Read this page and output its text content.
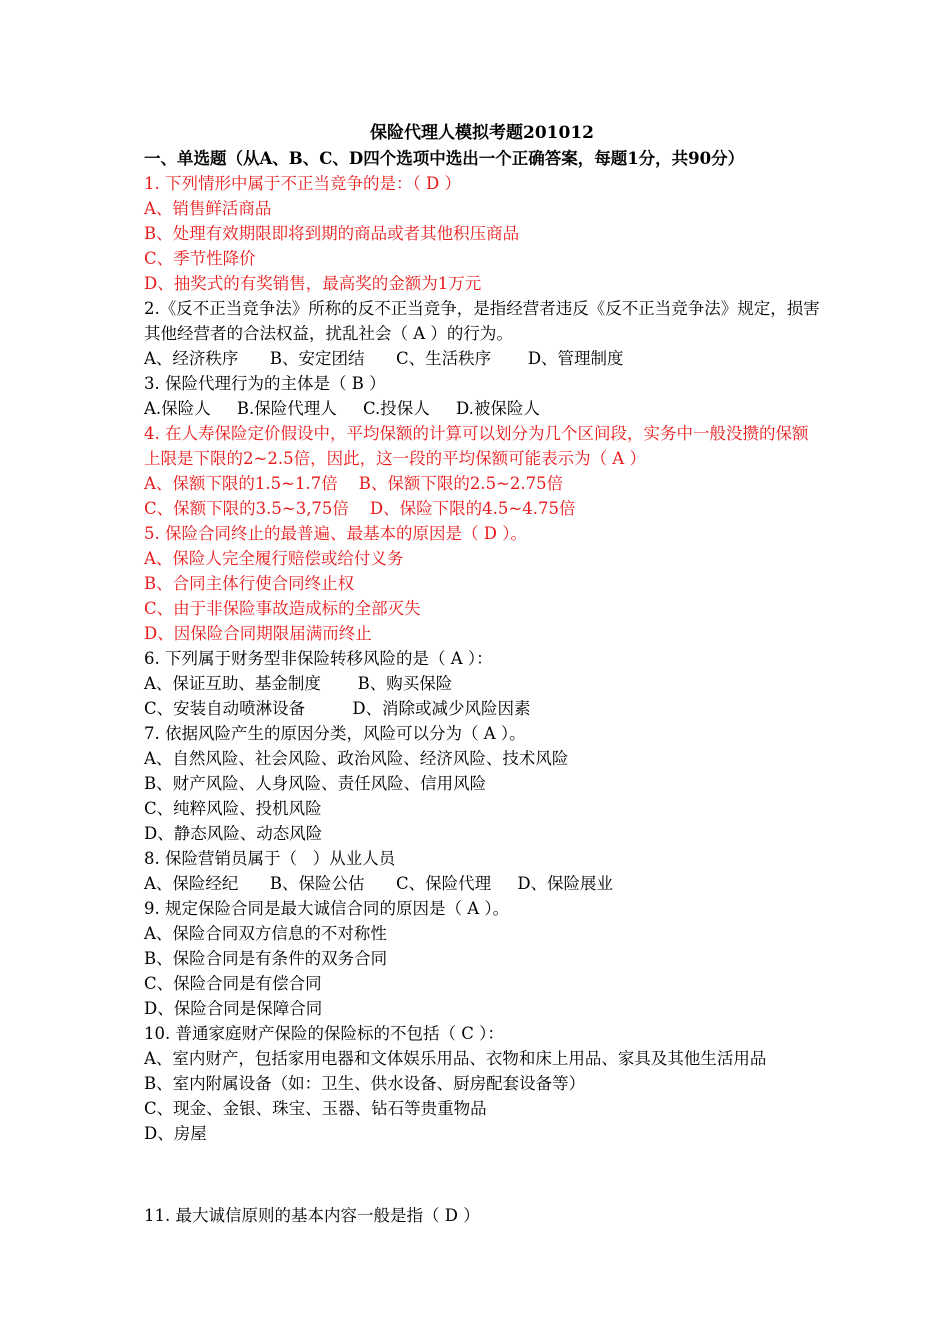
保险代理人模拟考题201012

一、单选题（从A、B、C、D四个选项中选出一个正确答案，每题1分，共90分）

1. 下列情形中属于不正当竞争的是：（ D ）

A、销售鲜活商品

B、处理有效期限即将到期的商品或者其他积压商品

C、季节性降价

D、抽奖式的有奖销售，最高奖的金额为1万元

2.《反不正当竞争法》所称的反不正当竞争，是指经营者违反《反不正当竞争法》规定，损害其他经营者的合法权益，扰乱社会（ A ）的行为。

A、经济秩序      B、安定团结      C、生活秩序       D、管理制度

3. 保险代理行为的主体是（ B ）

A.保险人     B.保险代理人     C.投保人     D.被保险人

4. 在人寿保险定价假设中，平均保额的计算可以划分为几个区间段，实务中一般没攒的保额上限是下限的2~2.5倍，因此，这一段的平均保额可能表示为（ A ）

A、保额下限的1.5~1.7倍    B、保额下限的2.5~2.75倍

C、保额下限的3.5~3,75倍    D、保险下限的4.5~4.75倍

5. 保险合同终止的最普遍、最基本的原因是（ D ）。

A、保险人完全履行赔偿或给付义务

B、合同主体行使合同终止权

C、由于非保险事故造成标的全部灭失

D、因保险合同期限届满而终止

6. 下列属于财务型非保险转移风险的是（ A ）：

A、保证互助、基金制度       B、购买保险

C、安装自动喷淋设备         D、消除或减少风险因素

7. 依据风险产生的原因分类，风险可以分为（ A ）。

A、自然风险、社会风险、政治风险、经济风险、技术风险

B、财产风险、人身风险、责任风险、信用风险

C、纯粹风险、投机风险

D、静态风险、动态风险

8. 保险营销员属于（   ）从业人员

A、保险经纪      B、保险公估      C、保险代理     D、保险展业

9. 规定保险合同是最大诚信合同的原因是（ A ）。

A、保险合同双方信息的不对称性

B、保险合同是有条件的双务合同

C、保险合同是有偿合同

D、保险合同是保障合同

10. 普通家庭财产保险的保险标的不包括（ C ）：

A、室内财产，包括家用电器和文体娱乐用品、衣物和床上用品、家具及其他生活用品

B、室内附属设备（如：卫生、供水设备、厨房配套设备等）

C、现金、金银、珠宝、玉器、钻石等贵重物品

D、房屋

11. 最大诚信原则的基本内容一般是指（ D ）
